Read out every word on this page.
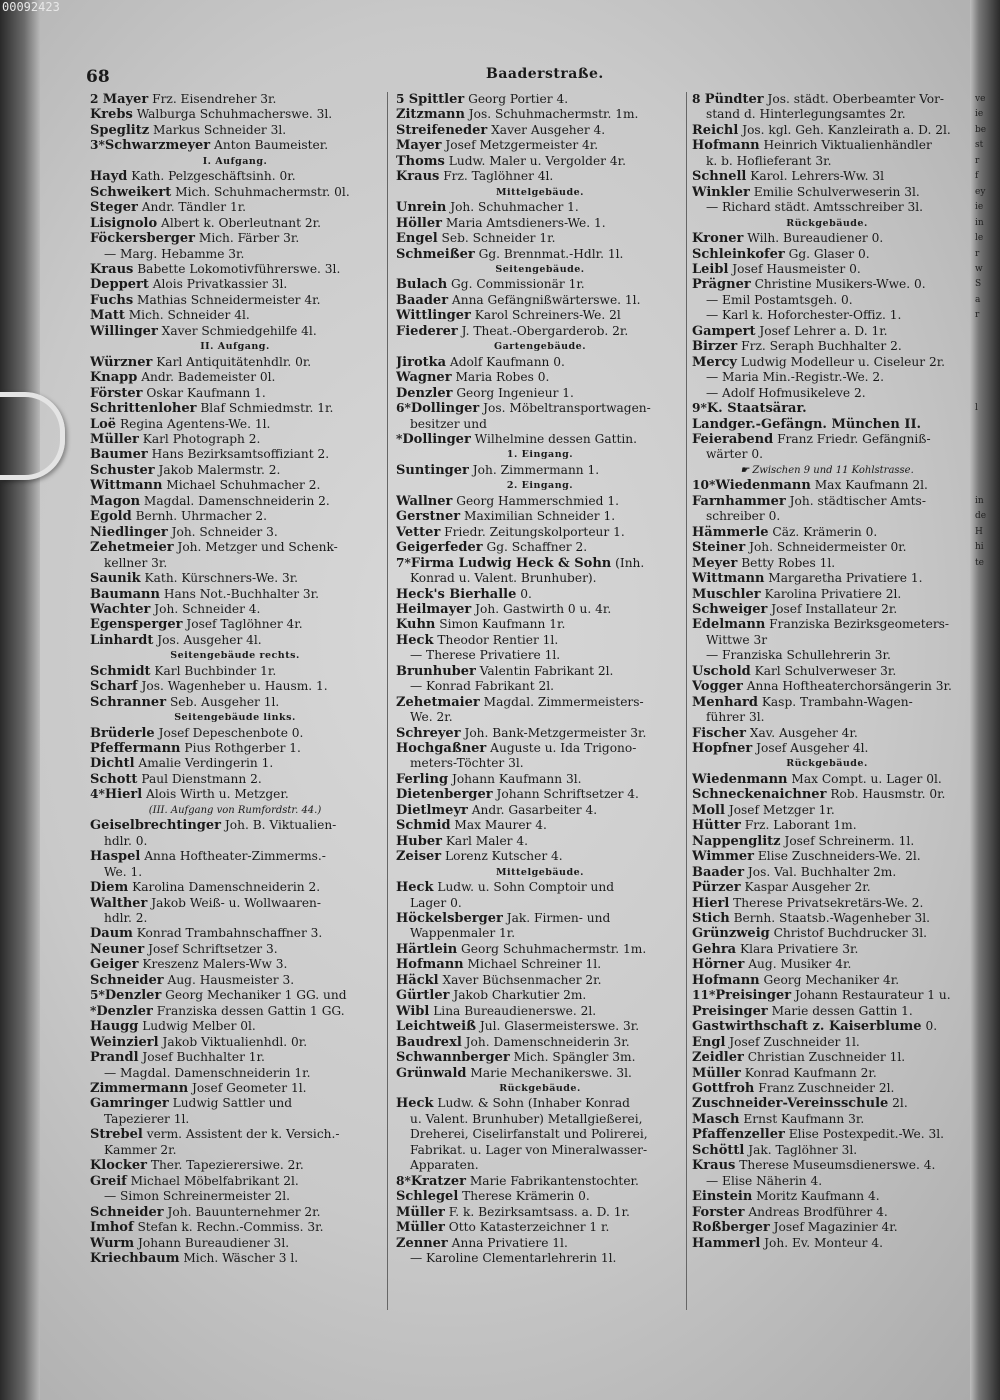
00092423
68	Baaderstraße.
2 Mayer Frz. Eisendreher 3r.
Krebs Walburga Schuhmacherswe. 3l.
Speglitz Markus Schneider 3l.
3*Schwarzmeyer Anton Baumeister.
I. Aufgang.
Hayd Kath. Pelzgeschäftsinh. 0r.
Schweikert Mich. Schuhmachermstr. 0l.
Steger Andr. Tändler 1r.
Lisignolo Albert k. Oberleutnant 2r.
Föckersberger Mich. Färber 3r.
— Marg. Hebamme 3r.
Kraus Babette Lokomotivführerswe. 3l.
Deppert Alois Privatkassier 3l.
Fuchs Mathias Schneidermeister 4r.
Matt Mich. Schneider 4l.
Willinger Xaver Schmiedgehilfe 4l.
II. Aufgang.
Würzner Karl Antiquitätenhdlr. 0r.
Knapp Andr. Bademeister 0l.
Förster Oskar Kaufmann 1.
Schrittenloher Blaf Schmiedmstr. 1r.
Loë Regina Agentens-We. 1l.
Müller Karl Photograph 2.
Baumer Hans Bezirksamtsoffiziant 2.
Schuster Jakob Malermstr. 2.
Wittmann Michael Schuhmacher 2.
Magon Magdal. Damenschneiderin 2.
Egold Bernh. Uhrmacher 2.
Niedlinger Joh. Schneider 3.
Zehetmeier Joh. Metzger und Schenk-
kellner 3r.
Saunik Kath. Kürschners-We. 3r.
Baumann Hans Not.-Buchhalter 3r.
Wachter Joh. Schneider 4.
Egensperger Josef Taglöhner 4r.
Linhardt Jos. Ausgeher 4l.
Seitengebäude rechts.
Schmidt Karl Buchbinder 1r.
Scharf Jos. Wagenheber u. Hausm. 1.
Schranner Seb. Ausgeher 1l.
Seitengebäude links.
Brüderle Josef Depeschenbote 0.
Pfeffermann Pius Rothgerber 1.
Dichtl Amalie Verdingerin 1.
Schott Paul Dienstmann 2.
4*Hierl Alois Wirth u. Metzger.
(III. Aufgang von Rumfordstr. 44.)
Geiselbrechtinger Joh. B. Viktualien-
hdlr. 0.
Haspel Anna Hoftheater-Zimmerms.-
We. 1.
Diem Karolina Damenschneiderin 2.
Walther Jakob Weiß- u. Wollwaaren-
hdlr. 2.
Daum Konrad Trambahnschaffner 3.
Neuner Josef Schriftsetzer 3.
Geiger Kreszenz Malers-Ww 3.
Schneider Aug. Hausmeister 3.
5*Denzler Georg Mechaniker 1 GG. und
*Denzler Franziska dessen Gattin 1 GG.
Haugg Ludwig Melber 0l.
Weinzierl Jakob Viktualienhdl. 0r.
Prandl Josef Buchhalter 1r.
— Magdal. Damenschneiderin 1r.
Zimmermann Josef Geometer 1l.
Gamringer Ludwig Sattler und
Tapezierer 1l.
Strebel verm. Assistent der k. Versich.-
Kammer 2r.
Klocker Ther. Tapezierersiwe. 2r.
Greif Michael Möbelfabrikant 2l.
— Simon Schreinermeister 2l.
Schneider Joh. Bauunternehmer 2r.
Imhof Stefan k. Rechn.-Commiss. 3r.
Wurm Johann Bureaudiener 3l.
Kriechbaum Mich. Wäscher 3 l.
5 Spittler Georg Portier 4.
Zitzmann Jos. Schuhmachermstr. 1m.
Streifeneder Xaver Ausgeher 4.
Mayer Josef Metzgermeister 4r.
Thoms Ludw. Maler u. Vergolder 4r.
Kraus Frz. Taglöhner 4l.
Mittelgebäude.
Unrein Joh. Schuhmacher 1.
Höller Maria Amtsdieners-We. 1.
Engel Seb. Schneider 1r.
Schmeißer Gg. Brennmat.-Hdlr. 1l.
Seitengebäude.
Bulach Gg. Commissionär 1r.
Baader Anna Gefängnißwärterswe. 1l.
Wittlinger Karol Schreiners-We. 2l
Fiederer J. Theat.-Obergarderob. 2r.
Gartengebäude.
Jirotka Adolf Kaufmann 0.
Wagner Maria Robes 0.
Denzler Georg Ingenieur 1.
6*Dollinger Jos. Möbeltransportwagen-
besitzer und
*Dollinger Wilhelmine dessen Gattin.
1. Eingang.
Suntinger Joh. Zimmermann 1.
2. Eingang.
Wallner Georg Hammerschmied 1.
Gerstner Maximilian Schneider 1.
Vetter Friedr. Zeitungskolporteur 1.
Geigerfeder Gg. Schaffner 2.
7*Firma Ludwig Heck & Sohn (Inh.
Konrad u. Valent. Brunhuber).
Heck's Bierhalle 0.
Heilmayer Joh. Gastwirth 0 u. 4r.
Kuhn Simon Kaufmann 1r.
Heck Theodor Rentier 1l.
— Therese Privatiere 1l.
Brunhuber Valentin Fabrikant 2l.
— Konrad Fabrikant 2l.
Zehetmaier Magdal. Zimmermeisters-
We. 2r.
Schreyer Joh. Bank-Metzgermeister 3r.
Hochgaßner Auguste u. Ida Trigono-
meters-Töchter 3l.
Ferling Johann Kaufmann 3l.
Dietenberger Johann Schriftsetzer 4.
Dietlmeyr Andr. Gasarbeiter 4.
Schmid Max Maurer 4.
Huber Karl Maler 4.
Zeiser Lorenz Kutscher 4.
Mittelgebäude.
Heck Ludw. u. Sohn Comptoir und
Lager 0.
Höckelsberger Jak. Firmen- und
Wappenmaler 1r.
Härtlein Georg Schuhmachermstr. 1m.
Hofmann Michael Schreiner 1l.
Häckl Xaver Büchsenmacher 2r.
Gürtler Jakob Charkutier 2m.
Wibl Lina Bureaudienerswe. 2l.
Leichtweiß Jul. Glasermeisterswe. 3r.
Baudrexl Joh. Damenschneiderin 3r.
Schwannberger Mich. Spängler 3m.
Grünwald Marie Mechanikerswe. 3l.
Rückgebäude.
Heck Ludw. & Sohn (Inhaber Konrad
u. Valent. Brunhuber) Metallgießerei,
Dreherei, Ciselirfanstalt und Polirerei,
Fabrikat. u. Lager von Mineralwasser-
Apparaten.
8*Kratzer Marie Fabrikantenstochter.
Schlegel Therese Krämerin 0.
Müller F. k. Bezirksamtsass. a. D. 1r.
Müller Otto Katasterzeichner 1 r.
Zenner Anna Privatiere 1l.
— Karoline Clementarlehrerin 1l.
8 Pündter Jos. städt. Oberbeamter Vor-
stand d. Hinterlegungsamtes 2r.
Reichl Jos. kgl. Geh. Kanzleirath a. D. 2l.
Hofmann Heinrich Viktualienhändler
k. b. Hoflieferant 3r.
Schnell Karol. Lehrers-Ww. 3l
Winkler Emilie Schulverweserin 3l.
— Richard städt. Amtsschreiber 3l.
Rückgebäude.
Kroner Wilh. Bureaudiener 0.
Schleinkofer Gg. Glaser 0.
Leibl Josef Hausmeister 0.
Prägner Christine Musikers-Wwe. 0.
— Emil Postamtsgeh. 0.
— Karl k. Hoforchester-Offiz. 1.
Gampert Josef Lehrer a. D. 1r.
Birzer Frz. Seraph Buchhalter 2.
Mercy Ludwig Modelleur u. Ciseleur 2r.
— Maria Min.-Registr.-We. 2.
— Adolf Hofmusikeleve 2.
9*K. Staatsärar.
Landger.-Gefängn. München II.
Feierabend Franz Friedr. Gefängniß-
wärter 0.
☛ Zwischen 9 und 11 Kohlstrasse.
10*Wiedenmann Max Kaufmann 2l.
Farnhammer Joh. städtischer Amts-
schreiber 0.
Hämmerle Cäz. Krämerin 0.
Steiner Joh. Schneidermeister 0r.
Meyer Betty Robes 1l.
Wittmann Margaretha Privatiere 1.
Muschler Karolina Privatiere 2l.
Schweiger Josef Installateur 2r.
Edelmann Franziska Bezirksgeometers-
Wittwe 3r
— Franziska Schullehrerin 3r.
Uschold Karl Schulverweser 3r.
Vogger Anna Hoftheaterchorsängerin 3r.
Menhard Kasp. Trambahn-Wagen-
führer 3l.
Fischer Xav. Ausgeher 4r.
Hopfner Josef Ausgeher 4l.
Rückgebäude.
Wiedenmann Max Compt. u. Lager 0l.
Schneckenaichner Rob. Hausmstr. 0r.
Moll Josef Metzger 1r.
Hütter Frz. Laborant 1m.
Nappenglitz Josef Schreinerm. 1l.
Wimmer Elise Zuschneiders-We. 2l.
Baader Jos. Val. Buchhalter 2m.
Pürzer Kaspar Ausgeher 2r.
Hierl Therese Privatsekretärs-We. 2.
Stich Bernh. Staatsb.-Wagenheber 3l.
Grünzweig Christof Buchdrucker 3l.
Gehra Klara Privatiere 3r.
Hörner Aug. Musiker 4r.
Hofmann Georg Mechaniker 4r.
11*Preisinger Johann Restaurateur 1 u.
Preisinger Marie dessen Gattin 1.
Gastwirthschaft z. Kaiserblume 0.
Engl Josef Zuschneider 1l.
Zeidler Christian Zuschneider 1l.
Müller Konrad Kaufmann 2r.
Gottfroh Franz Zuschneider 2l.
Zuschneider-Vereinsschule 2l.
Masch Ernst Kaufmann 3r.
Pfaffenzeller Elise Postexpedit.-We. 3l.
Schöttl Jak. Taglöhner 3l.
Kraus Therese Museumsdienerswe. 4.
— Elise Näherin 4.
Einstein Moritz Kaufmann 4.
Forster Andreas Brodführer 4.
Roßberger Josef Magazinier 4r.
Hammerl Joh. Ev. Monteur 4.
ve
ie
be
st
r
f
ey
ie
in
le
r
w
S
a
r

l

in
de
H
hi
te
